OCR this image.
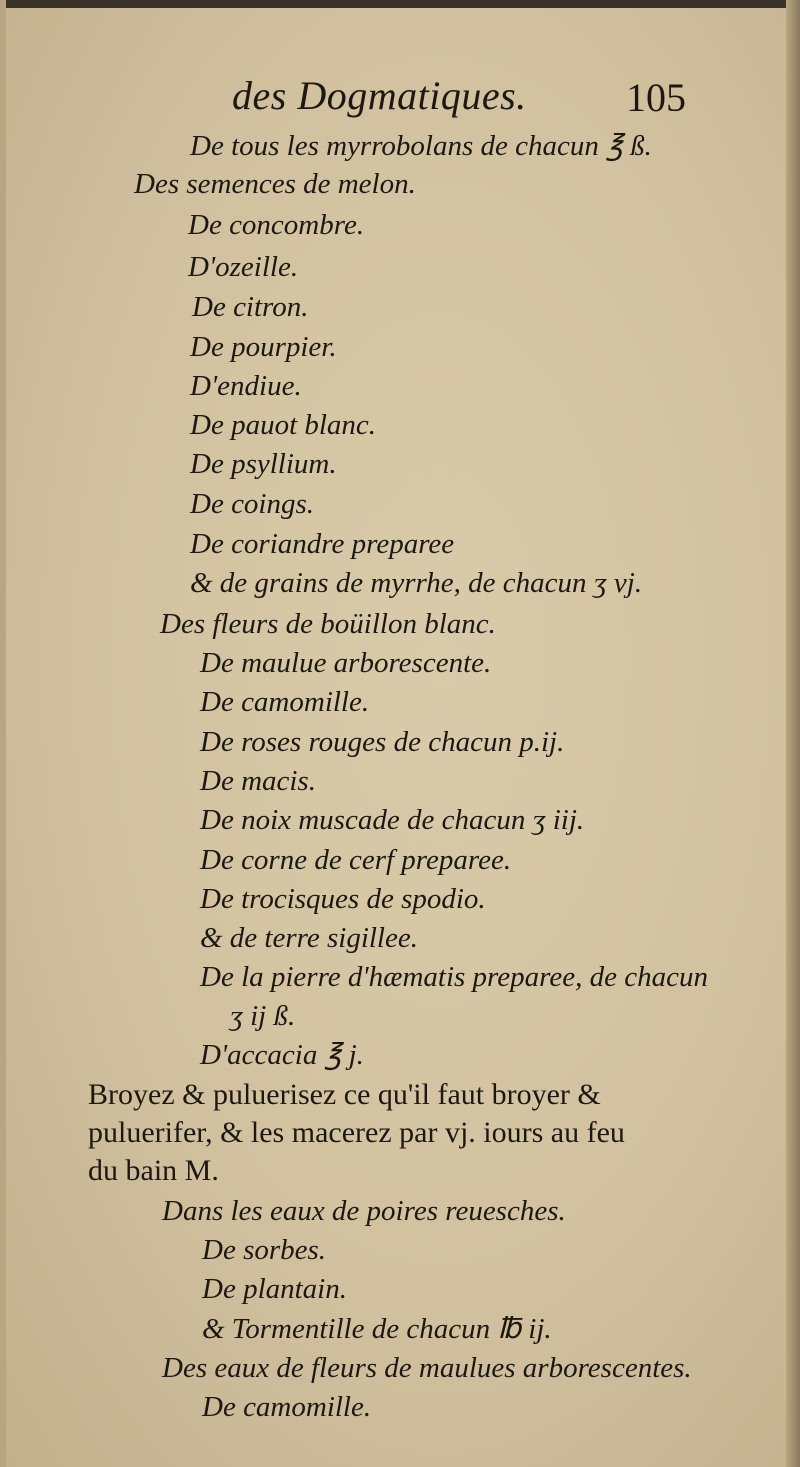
des Dogmatiques. 105
De tous les myrrobolans de chacun ℥ ß.
Des semences de melon.
De concombre.
D'ozeille.
De citron.
De pourpier.
D'endiue.
De pauot blanc.
De psyllium.
De coings.
De coriandre preparee
& de grains de myrrhe, de chacun ʒ vj.
Des fleurs de boüillon blanc.
De maulue arborescente.
De camomille.
De roses rouges de chacun p.ij.
De macis.
De noix muscade de chacun ʒ iij.
De corne de cerf preparee.
De trocisques de spodio.
& de terre sigillee.
De la pierre d'hæmatis preparee, de chacun
ʒ ij ß.
D'accacia ℥ j.
Broyez & puluerisez ce qu'il faut broyer &
puluerifer, & les macerez par vj. iours au feu
du bain M.
Dans les eaux de poires reuesches.
De sorbes.
De plantain.
& Tormentille de chacun ℔ ij.
Des eaux de fleurs de maulues arborescentes.
De camomille.
